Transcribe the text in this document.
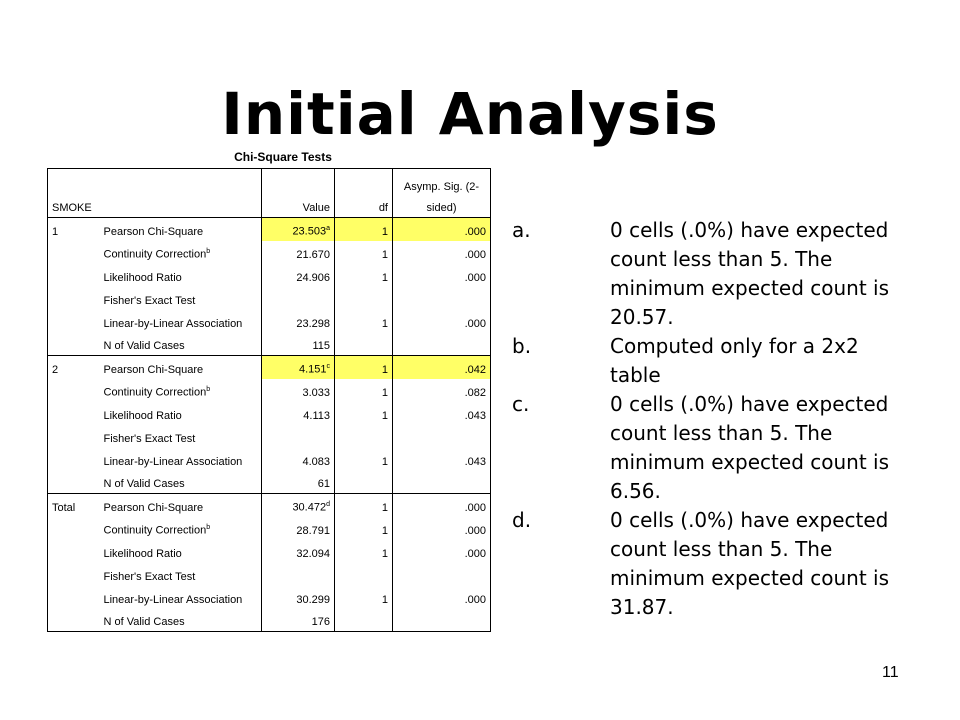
Initial Analysis
Chi-Square Tests
				Asymp. Sig. (2-
SMOKE		Value	df	sided)
1	Pearson Chi-Square	23.503$^a$	1	.000
	Continuity Correction$^b$	21.670	1	.000
	Likelihood Ratio	24.906	1	.000
	Fisher's Exact Test			
	Linear-by-Linear Association	23.298	1	.000
	N of Valid Cases	115		
2	Pearson Chi-Square	4.151$^c$	1	.042
	Continuity Correction$^b$	3.033	1	.082
	Likelihood Ratio	4.113	1	.043
	Fisher's Exact Test			
	Linear-by-Linear Association	4.083	1	.043
	N of Valid Cases	61		
Total	Pearson Chi-Square	30.472$^d$	1	.000
	Continuity Correction$^b$	28.791	1	.000
	Likelihood Ratio	32.094	1	.000
	Fisher's Exact Test			
	Linear-by-Linear Association	30.299	1	.000
	N of Valid Cases	176		
a.	0 cells (.0%) have expected count less than 5. The minimum expected count is 20.57.
b.	Computed only for a 2x2 table
c.	0 cells (.0%) have expected count less than 5. The minimum expected count is 6.56.
d.	0 cells (.0%) have expected count less than 5. The minimum expected count is 31.87.
11
